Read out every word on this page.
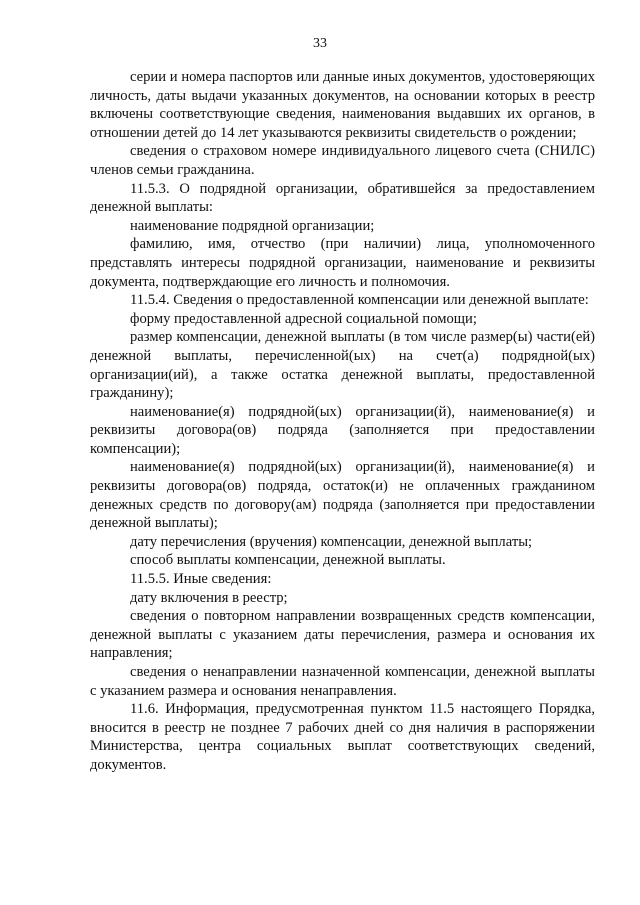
33

серии и номера паспортов или данные иных документов, удостоверяющих личность, даты выдачи указанных документов, на основании которых в реестр включены соответствующие сведения, наименования выдавших их органов, в отношении детей до 14 лет указываются реквизиты свидетельств о рождении;

сведения о страховом номере индивидуального лицевого счета (СНИЛС) членов семьи гражданина.

11.5.3. О подрядной организации, обратившейся за предоставлением денежной выплаты:

наименование подрядной организации;

фамилию, имя, отчество (при наличии) лица, уполномоченного представлять интересы подрядной организации, наименование и реквизиты документа, подтверждающие его личность и полномочия.

11.5.4. Сведения о предоставленной компенсации или денежной выплате:

форму предоставленной адресной социальной помощи;

размер компенсации, денежной выплаты (в том числе размер(ы) части(ей) денежной выплаты, перечисленной(ых) на счет(а) подрядной(ых) организации(ий), а также остатка денежной выплаты, предоставленной гражданину);

наименование(я) подрядной(ых) организации(й), наименование(я) и реквизиты договора(ов) подряда (заполняется при предоставлении компенсации);

наименование(я) подрядной(ых) организации(й), наименование(я) и реквизиты договора(ов) подряда, остаток(и) не оплаченных гражданином денежных средств по договору(ам) подряда (заполняется при предоставлении денежной выплаты);

дату перечисления (вручения) компенсации, денежной выплаты;

способ выплаты компенсации, денежной выплаты.

11.5.5. Иные сведения:

дату включения в реестр;

сведения о повторном направлении возвращенных средств компенсации, денежной выплаты с указанием даты перечисления, размера и основания их направления;

сведения о ненаправлении назначенной компенсации, денежной выплаты с указанием размера и основания ненаправления.

11.6. Информация, предусмотренная пунктом 11.5 настоящего Порядка, вносится в реестр не позднее 7 рабочих дней со дня наличия в распоряжении Министерства, центра социальных выплат соответствующих сведений, документов.
